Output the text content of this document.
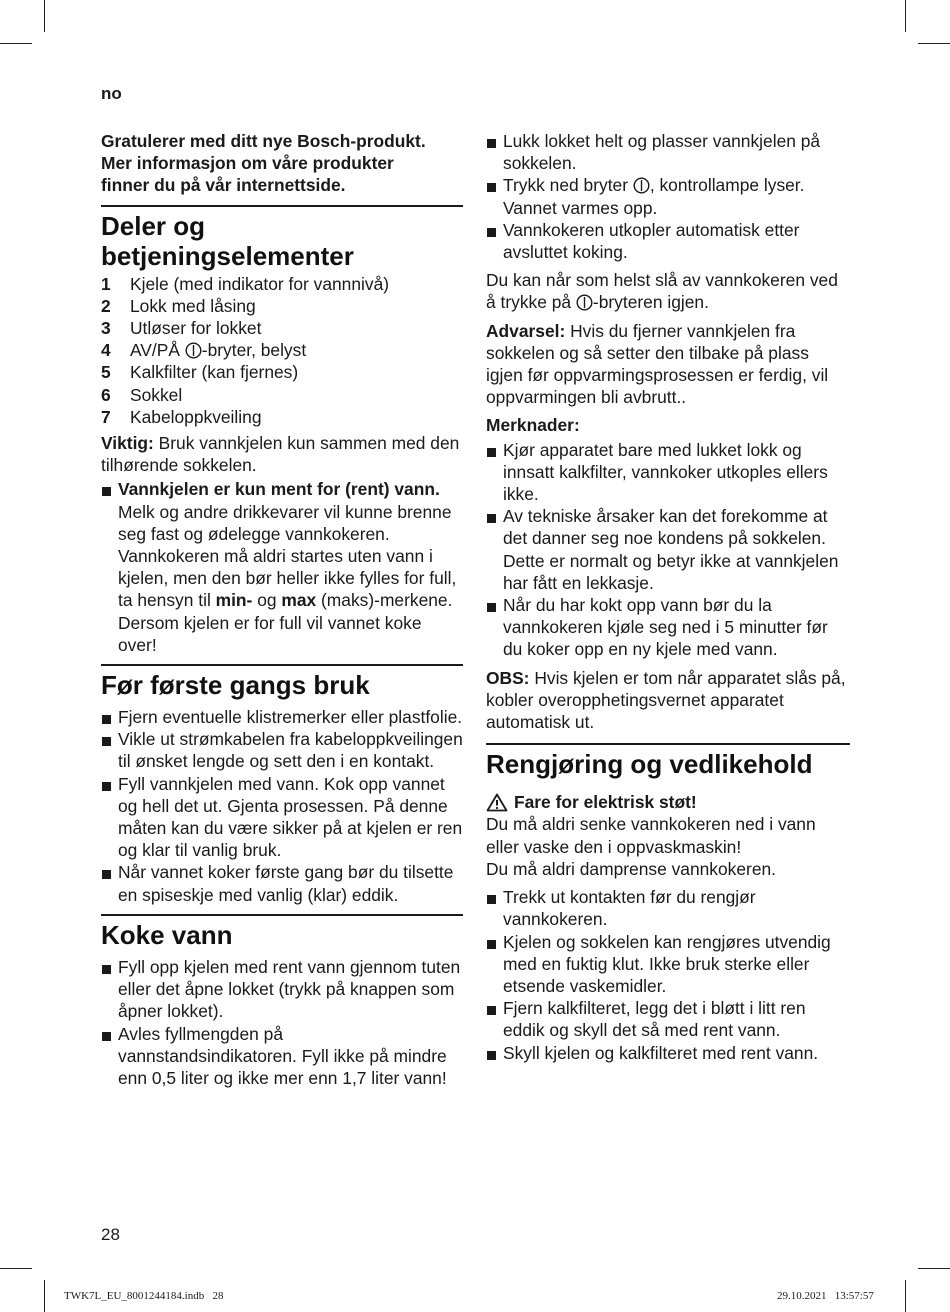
no
Gratulerer med ditt nye Bosch-produkt.
Mer informasjon om våre produkter
finner du på vår internettside.
Deler og
betjeningselementer
1	Kjele (med indikator for vannnivå)
2	Lokk med låsing
3	Utløser for lokket
4	AV/PÅ -bryter, belyst
5	Kalkfilter (kan fjernes)
6	Sokkel
7	Kabeloppkveiling
Viktig: Bruk vannkjelen kun sammen med den tilhørende sokkelen.
Vannkjelen er kun ment for (rent) vann. Melk og andre drikkevarer vil kunne brenne seg fast og ødelegge vannkokeren. Vannkokeren må aldri startes uten vann i kjelen, men den bør heller ikke fylles for full, ta hensyn til min- og max (maks)-merkene. Dersom kjelen er for full vil vannet koke over!
Før første gangs bruk
Fjern eventuelle klistremerker eller plastfolie.
Vikle ut strømkabelen fra kabeloppkveilingen til ønsket lengde og sett den i en kontakt.
Fyll vannkjelen med vann. Kok opp vannet og hell det ut. Gjenta prosessen. På denne måten kan du være sikker på at kjelen er ren og klar til vanlig bruk.
Når vannet koker første gang bør du tilsette en spiseskje med vanlig (klar) eddik.
Koke vann
Fyll opp kjelen med rent vann gjennom tuten eller det åpne lokket (trykk på knappen som åpner lokket).
Avles fyllmengden på vannstandsindikatoren. Fyll ikke på mindre enn 0,5 liter og ikke mer enn 1,7 liter vann!
Lukk lokket helt og plasser vannkjelen på sokkelen.
Trykk ned bryter , kontrollampe lyser. Vannet varmes opp.
Vannkokeren utkopler automatisk etter avsluttet koking.
Du kan når som helst slå av vannkokeren ved å trykke på -bryteren igjen.
Advarsel: Hvis du fjerner vannkjelen fra sokkelen og så setter den tilbake på plass igjen før oppvarmingsprosessen er ferdig, vil oppvarmingen bli avbrutt..
Merknader:
Kjør apparatet bare med lukket lokk og innsatt kalkfilter, vannkoker utkoples ellers ikke.
Av tekniske årsaker kan det forekomme at det danner seg noe kondens på sokkelen. Dette er normalt og betyr ikke at vannkjelen har fått en lekkasje.
Når du har kokt opp vann bør du la vannkokeren kjøle seg ned i 5 minutter før du koker opp en ny kjele med vann.
OBS: Hvis kjelen er tom når apparatet slås på, kobler overopphetingsvernet apparatet automatisk ut.
Rengjøring og vedlikehold
Fare for elektrisk støt!
Du må aldri senke vannkokeren ned i vann eller vaske den i oppvaskmaskin!
Du må aldri damprense vannkokeren.
Trekk ut kontakten før du rengjør vannkokeren.
Kjelen og sokkelen kan rengjøres utvendig med en fuktig klut. Ikke bruk sterke eller etsende vaskemidler.
Fjern kalkfilteret, legg det i bløtt i litt ren eddik og skyll det så med rent vann.
Skyll kjelen og kalkfilteret med rent vann.
28
TWK7L_EU_8001244184.indb   28	29.10.2021   13:57:57
